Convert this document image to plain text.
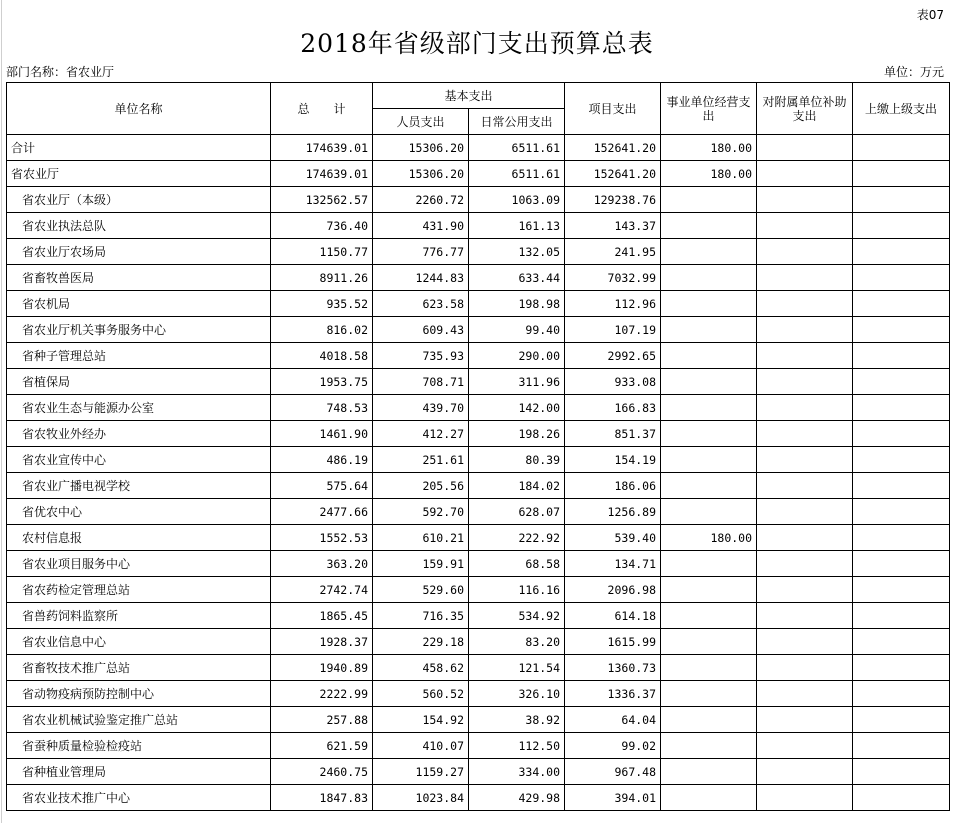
表07
2018年省级部门支出预算总表
部门名称：省农业厅	单位：万元
单位名称	总　　计	基本支出		项目支出	事业单位经营支出	对附属单位补助支出	上缴上级支出
		人员支出	日常公用支出				
合计	174639.01	15306.20	6511.61	152641.20	180.00		
省农业厅	174639.01	15306.20	6511.61	152641.20	180.00		
省农业厅（本级）	132562.57	2260.72	1063.09	129238.76			
省农业执法总队	736.40	431.90	161.13	143.37			
省农业厅农场局	1150.77	776.77	132.05	241.95			
省畜牧兽医局	8911.26	1244.83	633.44	7032.99			
省农机局	935.52	623.58	198.98	112.96			
省农业厅机关事务服务中心	816.02	609.43	99.40	107.19			
省种子管理总站	4018.58	735.93	290.00	2992.65			
省植保局	1953.75	708.71	311.96	933.08			
省农业生态与能源办公室	748.53	439.70	142.00	166.83			
省农牧业外经办	1461.90	412.27	198.26	851.37			
省农业宣传中心	486.19	251.61	80.39	154.19			
省农业广播电视学校	575.64	205.56	184.02	186.06			
省优农中心	2477.66	592.70	628.07	1256.89			
农村信息报	1552.53	610.21	222.92	539.40	180.00		
省农业项目服务中心	363.20	159.91	68.58	134.71			
省农药检定管理总站	2742.74	529.60	116.16	2096.98			
省兽药饲料监察所	1865.45	716.35	534.92	614.18			
省农业信息中心	1928.37	229.18	83.20	1615.99			
省畜牧技术推广总站	1940.89	458.62	121.54	1360.73			
省动物疫病预防控制中心	2222.99	560.52	326.10	1336.37			
省农业机械试验鉴定推广总站	257.88	154.92	38.92	64.04			
省蚕种质量检验检疫站	621.59	410.07	112.50	99.02			
省种植业管理局	2460.75	1159.27	334.00	967.48			
省农业技术推广中心	1847.83	1023.84	429.98	394.01			
